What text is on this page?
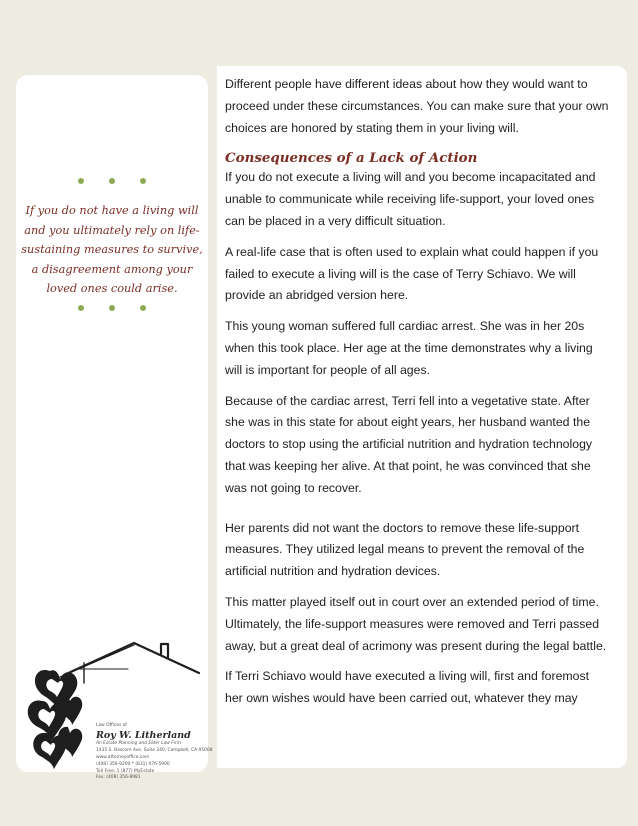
If you do not have a living will and you ultimately rely on life-sustaining measures to survive, a disagreement among your loved ones could arise.

Law Offices of
Roy W. Litherland
An Estate Planning and Elder Law Firm
1435 S. Bascom Ave. Suite 240, Campbell, CA 95008
www.attorneyoffice.com
(408) 356-9200 * (831) 476-5900
Toll Free: 1 (877) MyEstate
Fax: (408) 356-8981

Different people have different ideas about how they would want to proceed under these circumstances. You can make sure that your own choices are honored by stating them in your living will.

Consequences of a Lack of Action

If you do not execute a living will and you become incapacitated and unable to communicate while receiving life-support, your loved ones can be placed in a very difficult situation.

A real-life case that is often used to explain what could happen if you failed to execute a living will is the case of Terry Schiavo. We will provide an abridged version here.

This young woman suffered full cardiac arrest. She was in her 20s when this took place. Her age at the time demonstrates why a living will is important for people of all ages.

Because of the cardiac arrest, Terri fell into a vegetative state. After she was in this state for about eight years, her husband wanted the doctors to stop using the artificial nutrition and hydration technology that was keeping her alive. At that point, he was convinced that she was not going to recover.

Her parents did not want the doctors to remove these life-support measures. They utilized legal means to prevent the removal of the artificial nutrition and hydration devices.

This matter played itself out in court over an extended period of time. Ultimately, the life-support measures were removed and Terri passed away, but a great deal of acrimony was present during the legal battle.

If Terri Schiavo would have executed a living will, first and foremost her own wishes would have been carried out, whatever they may
